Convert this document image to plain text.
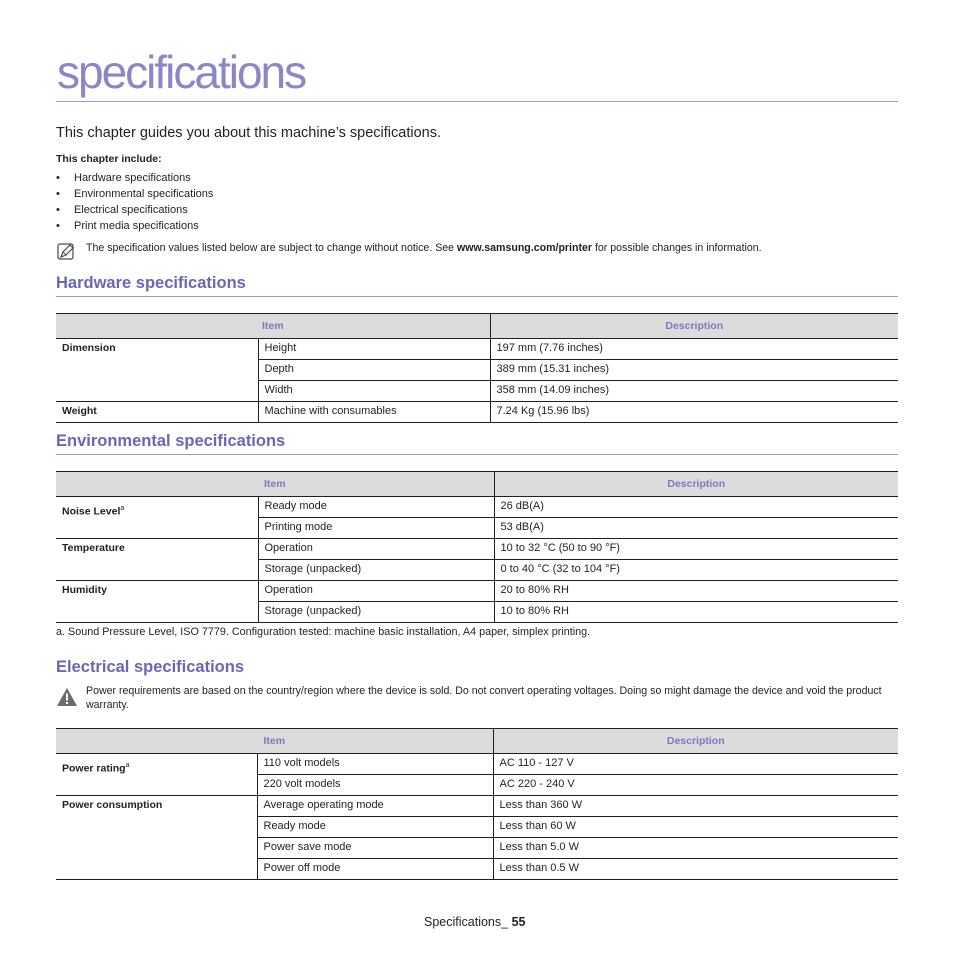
specifications
This chapter guides you about this machine’s specifications.
This chapter include:
• Hardware specifications
• Environmental specifications
• Electrical specifications
• Print media specifications
The specification values listed below are subject to change without notice. See www.samsung.com/printer for possible changes in information.
Hardware specifications
Item		Description
Dimension	Height	197 mm (7.76 inches)
	Depth	389 mm (15.31 inches)
	Width	358 mm (14.09 inches)
Weight	Machine with consumables	7.24 Kg (15.96 lbs)
Environmental specifications
Item		Description
Noise Level$^a$	Ready mode	26 dB(A)
	Printing mode	53 dB(A)
Temperature	Operation	10 to 32 °C (50 to 90 °F)
	Storage (unpacked)	0 to 40 °C (32 to 104 °F)
Humidity	Operation	20 to 80% RH
	Storage (unpacked)	10 to 80% RH
a. Sound Pressure Level, ISO 7779. Configuration tested: machine basic installation, A4 paper, simplex printing.
Electrical specifications
Power requirements are based on the country/region where the device is sold. Do not convert operating voltages. Doing so might damage the device and void the product warranty.
Item		Description
Power rating$^a$	110 volt models	AC 110 - 127 V
	220 volt models	AC 220 - 240 V
Power consumption	Average operating mode	Less than 360 W
	Ready mode	Less than 60 W
	Power save mode	Less than 5.0 W
	Power off mode	Less than 0.5 W
Specifications_ 55
